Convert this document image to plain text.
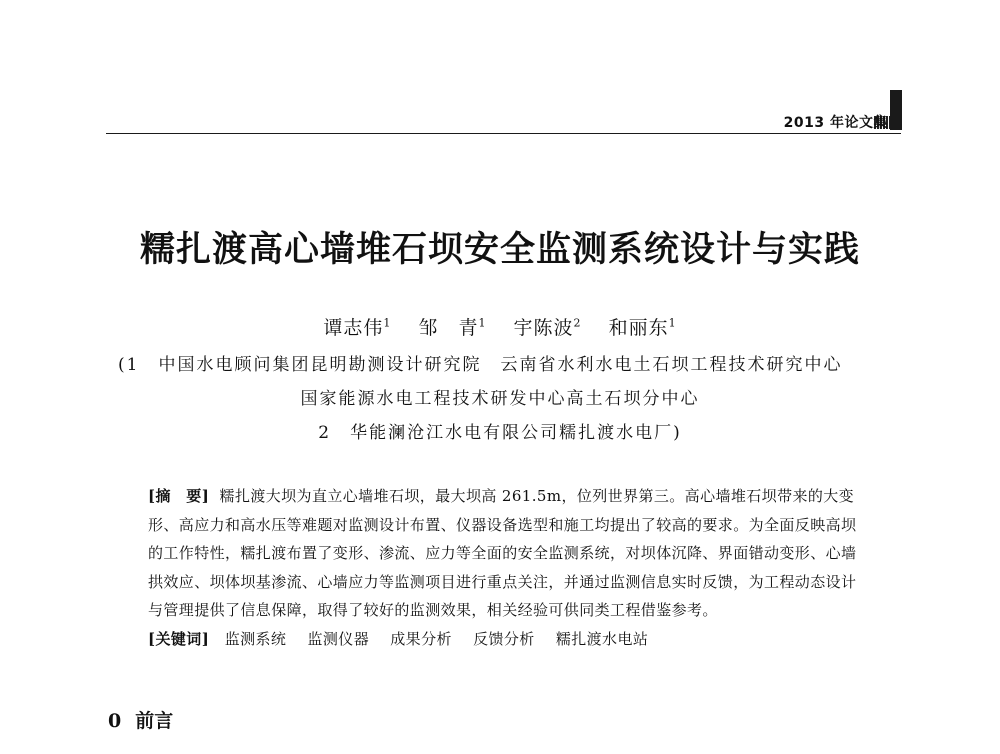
2013 年论文集
糯扎渡高心墙堆石坝安全监测系统设计与实践
谭志伟$^1$ 邹　青$^1$ 宇陈波$^2$ 和丽东$^1$
(1　中国水电顾问集团昆明勘测设计研究院　云南省水利水电土石坝工程技术研究中心
国家能源水电工程技术研发中心高土石坝分中心
2　华能澜沧江水电有限公司糯扎渡水电厂)

[摘　要] 糯扎渡大坝为直立心墙堆石坝，最大坝高 261.5m，位列世界第三。高心墙堆石坝带来的大变形、高应力和高水压等难题对监测设计布置、仪器设备选型和施工均提出了较高的要求。为全面反映高坝的工作特性，糯扎渡布置了变形、渗流、应力等全面的安全监测系统，对坝体沉降、界面错动变形、心墙拱效应、坝体坝基渗流、心墙应力等监测项目进行重点关注，并通过监测信息实时反馈，为工程动态设计与管理提供了信息保障，取得了较好的监测效果，相关经验可供同类工程借鉴参考。

[关键词] 监测系统 监测仪器 成果分析 反馈分析 糯扎渡水电站

0 前言
